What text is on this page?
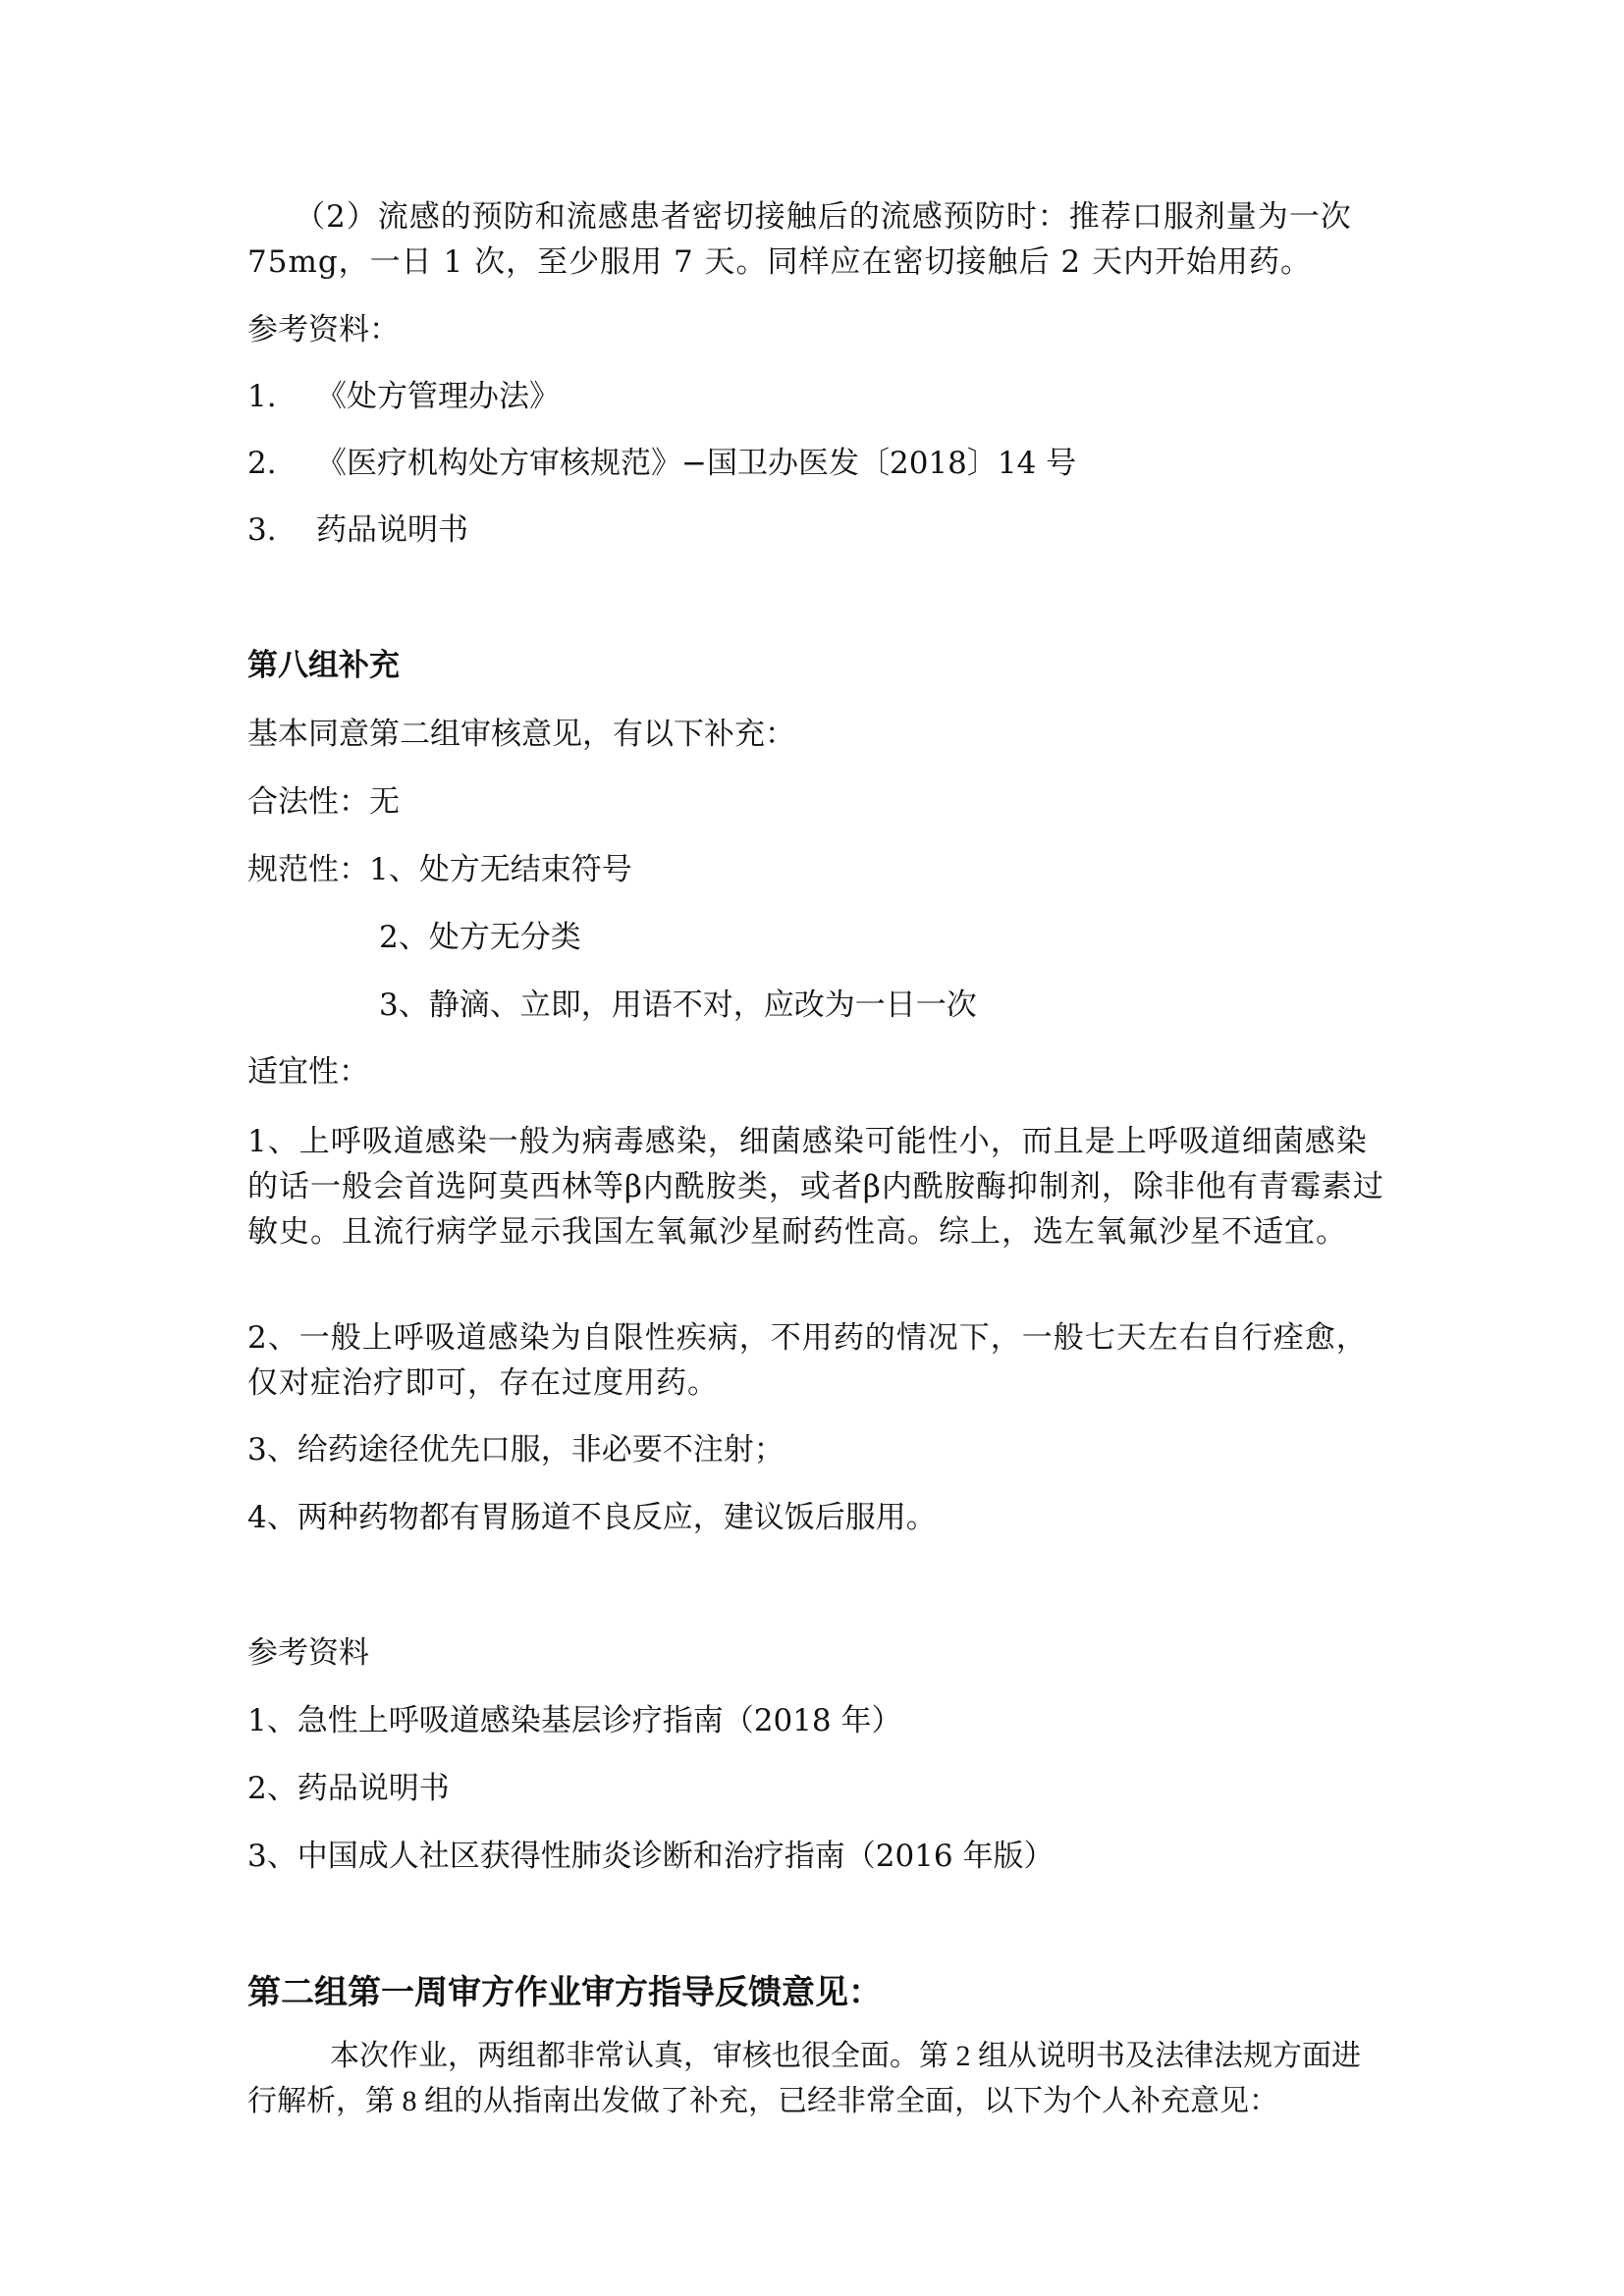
（2）流感的预防和流感患者密切接触后的流感预防时：推荐口服剂量为一次75mg，一日 1 次，至少服用 7 天。同样应在密切接触后 2 天内开始用药。
参考资料：
1. 《处方管理办法》
2. 《医疗机构处方审核规范》−国卫办医发〔2018〕14 号
3. 药品说明书
第八组补充
基本同意第二组审核意见，有以下补充：
合法性：无
规范性：1、处方无结束符号
2、处方无分类
3、静滴、立即，用语不对，应改为一日一次
适宜性：
1、上呼吸道感染一般为病毒感染，细菌感染可能性小，而且是上呼吸道细菌感染的话一般会首选阿莫西林等β内酰胺类，或者β内酰胺酶抑制剂，除非他有青霉素过敏史。且流行病学显示我国左氧氟沙星耐药性高。综上，选左氧氟沙星不适宜。
2、一般上呼吸道感染为自限性疾病，不用药的情况下，一般七天左右自行痊愈，仅对症治疗即可，存在过度用药。
3、给药途径优先口服，非必要不注射；
4、两种药物都有胃肠道不良反应，建议饭后服用。
参考资料
1、急性上呼吸道感染基层诊疗指南（2018 年）
2、药品说明书
3、中国成人社区获得性肺炎诊断和治疗指南（2016 年版）
第二组第一周审方作业审方指导反馈意见：
本次作业，两组都非常认真，审核也很全面。第 2 组从说明书及法律法规方面进行解析，第 8 组的从指南出发做了补充，已经非常全面，以下为个人补充意见：
